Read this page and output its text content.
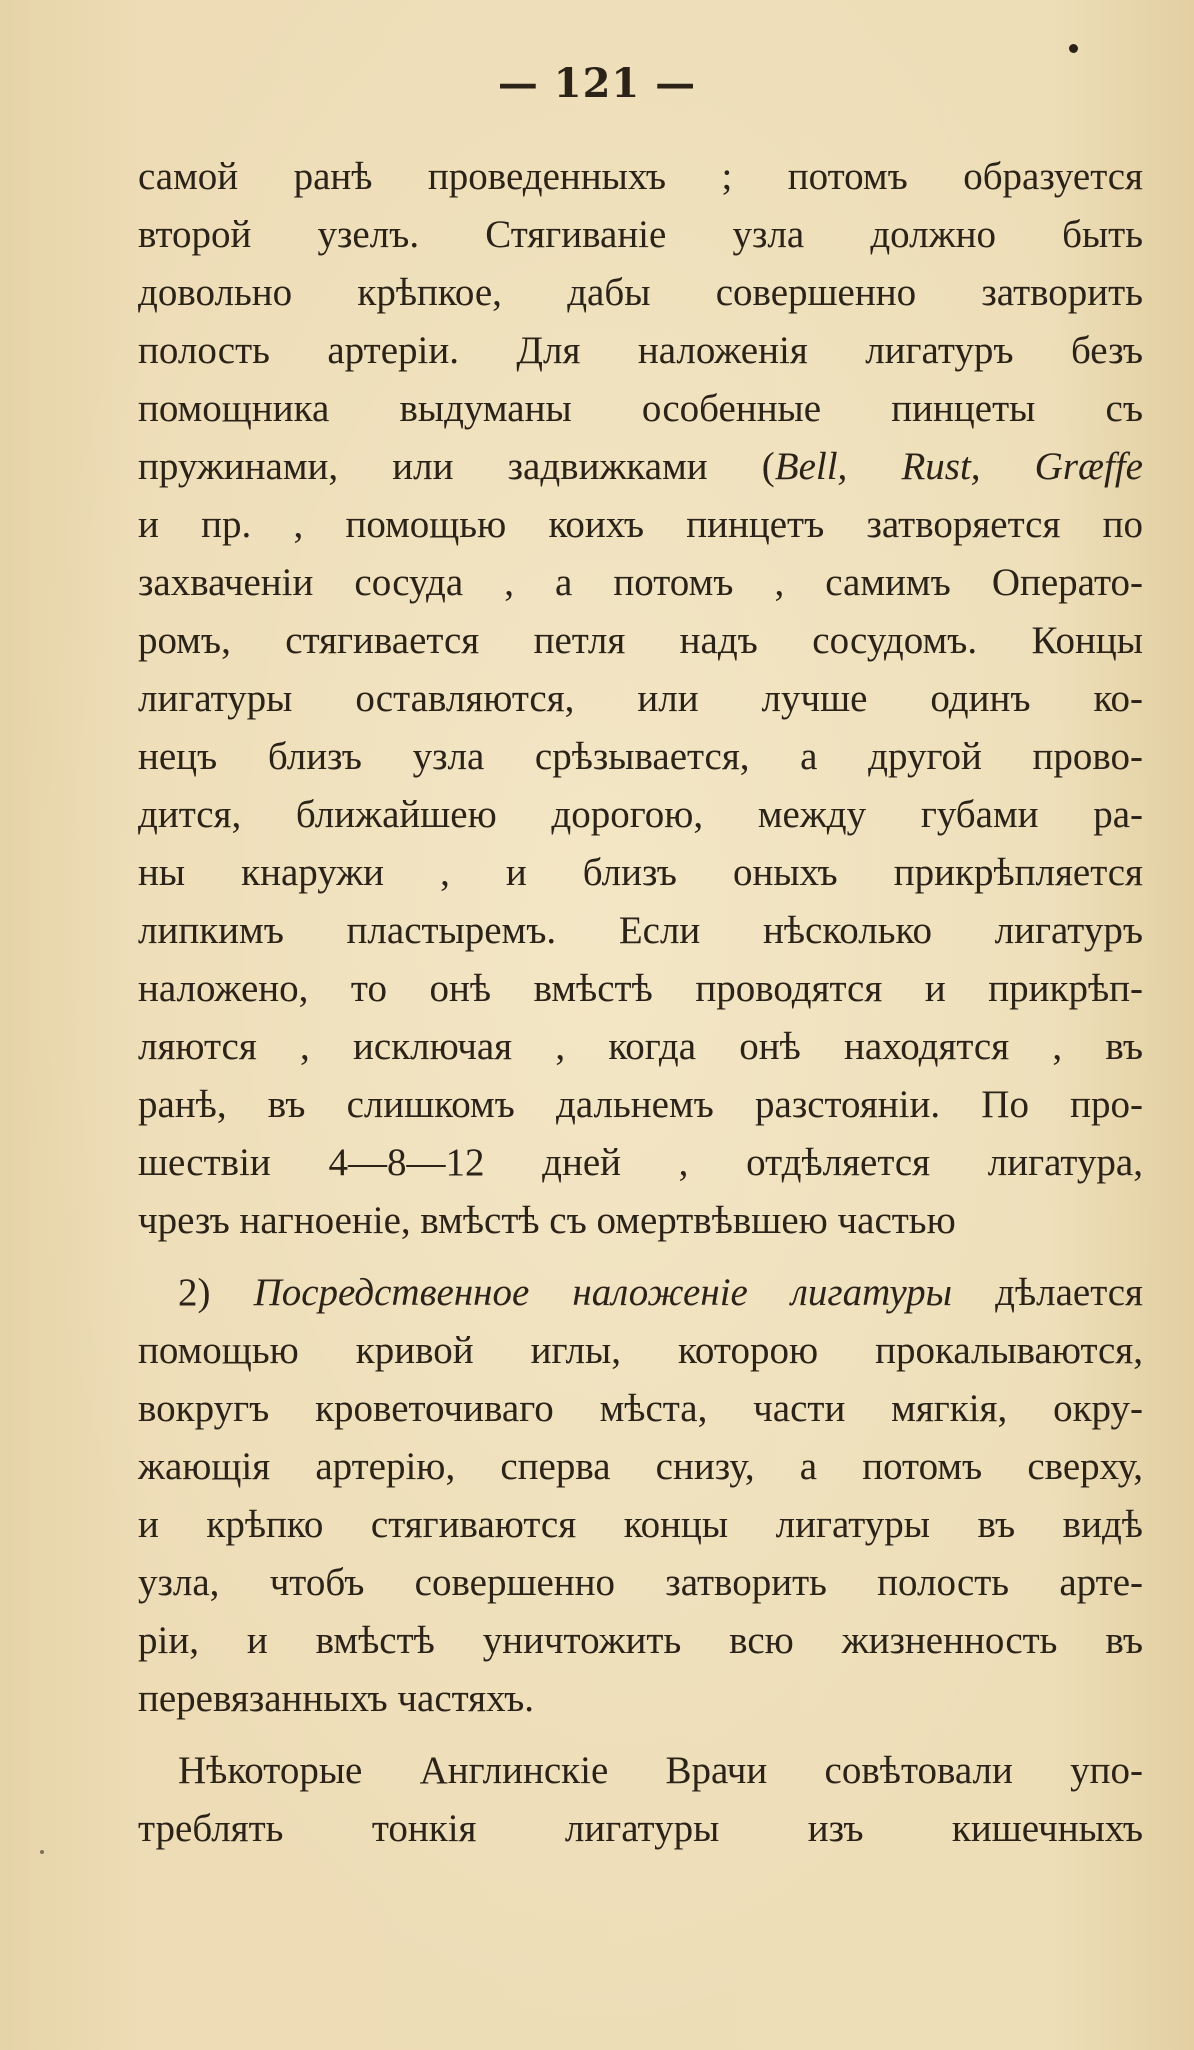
— 121 —
самой ранѣ проведенныхъ ; потомъ образуется
второй узелъ. Стягиванiе узла должно быть
довольно крѣпкое, дабы совершенно затворить
полость артерiи. Для наложенiя лигатуръ безъ
помощника выдуманы особенные пинцеты съ
пружинами, или задвижками (Bell, Rust, Græffe
и пр. , помощью коихъ пинцетъ затворяется по
захваченiи сосуда , а потомъ , самимъ Операто-
ромъ, стягивается петля надъ сосудомъ. Концы
лигатуры оставляются, или лучше одинъ ко-
нецъ близъ узла срѣзывается, а другой прово-
дится, ближайшею дорогою, между губами ра-
ны кнаружи , и близъ оныхъ прикрѣпляется
липкимъ пластыремъ. Если нѣсколько лигатуръ
наложено, то онѣ вмѣстѣ проводятся и прикрѣп-
ляются , исключая , когда онѣ находятся , въ
ранѣ, въ слишкомъ дальнемъ разстоянiи. По про-
шествiи 4—8—12 дней , отдѣляется лигатура,
чрезъ нагноенiе, вмѣстѣ съ омертвѣвшею частью
2) Посредственное наложенiе лигатуры дѣлается
помощью кривой иглы, которою прокалываются,
вокругъ кроветочиваго мѣста, части мягкiя, окру-
жающiя артерiю, сперва снизу, а потомъ сверху,
и крѣпко стягиваются концы лигатуры въ видѣ
узла, чтобъ совершенно затворить полость арте-
рiи, и вмѣстѣ уничтожить всю жизненность въ
перевязанныхъ частяхъ.
Нѣкоторые Англинскiе Врачи совѣтовали упо-
треблять тонкiя лигатуры изъ кишечныхъ
